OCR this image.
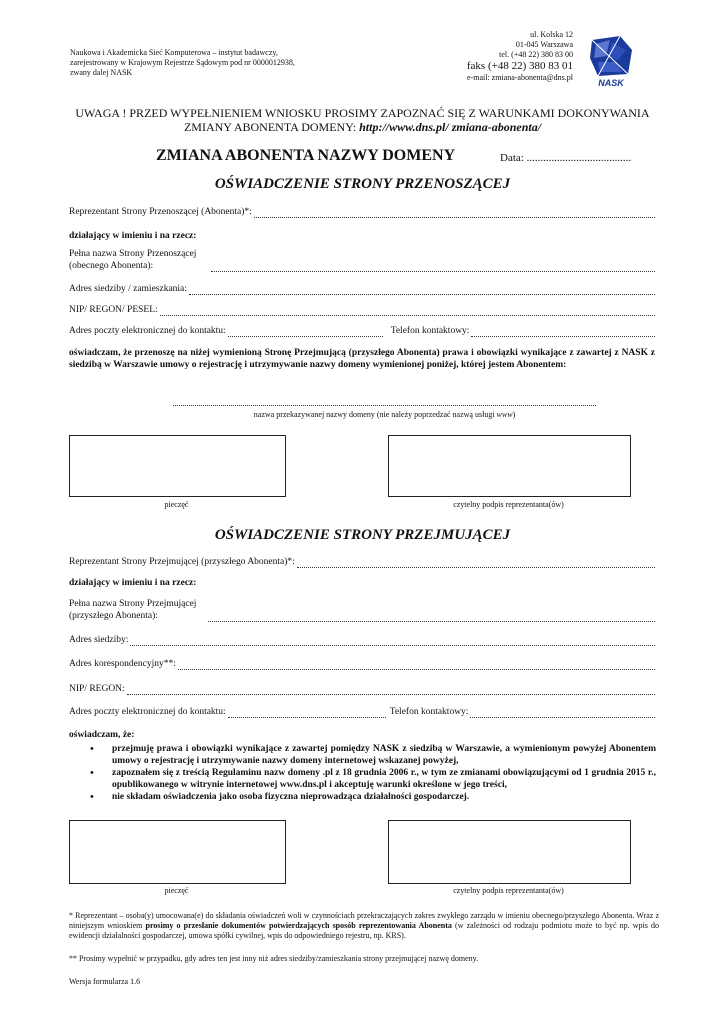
Naukowa i Akademicka Sieć Komputerowa – instytut badawczy,
zarejestrowany w Krajowym Rejestrze Sądowym pod nr 0000012938,
zwany dalej NASK
ul. Kolska 12
01-045 Warszawa
tel. (+48 22) 380 83 00
faks (+48 22) 380 83 01
e-mail: zmiana-abonenta@dns.pl
NASK
UWAGA ! PRZED WYPEŁNIENIEM WNIOSKU PROSIMY ZAPOZNAĆ SIĘ Z WARUNKAMI DOKONYWANIA
ZMIANY ABONENTA DOMENY: http://www.dns.pl/ zmiana-abonenta/
ZMIANA ABONENTA NAZWY DOMENY	Data: ......................................
OŚWIADCZENIE STRONY PRZENOSZĄCEJ
Reprezentant Strony Przenoszącej (Abonenta)*:
działający w imieniu i na rzecz:
Pełna nazwa Strony Przenoszącej
(obecnego Abonenta):
Adres siedziby / zamieszkania:
NIP/ REGON/ PESEL:
Adres poczty elektronicznej do kontaktu:	Telefon kontaktowy:
oświadczam, że przenoszę na niżej wymienioną Stronę Przejmującą (przyszłego Abonenta) prawa i obowiązki wynikające z zawartej z NASK z siedzibą w Warszawie umowy o rejestrację i utrzymywanie nazwy domeny wymienionej poniżej, której jestem Abonentem:
nazwa przekazywanej nazwy domeny (nie należy poprzedzać nazwą usługi www)
pieczęć	czytelny podpis reprezentanta(ów)
OŚWIADCZENIE STRONY PRZEJMUJĄCEJ
Reprezentant Strony Przejmującej (przyszłego Abonenta)*:
działający w imieniu i na rzecz:
Pełna nazwa Strony Przejmującej
(przyszłego Abonenta):
Adres siedziby:
Adres korespondencyjny**:
NIP/ REGON:
Adres poczty elektronicznej do kontaktu:	Telefon kontaktowy:
oświadczam, że:
• przejmuję prawa i obowiązki wynikające z zawartej pomiędzy NASK z siedzibą w Warszawie, a wymienionym powyżej Abonentem umowy o rejestrację i utrzymywanie nazwy domeny internetowej wskazanej powyżej,
• zapoznałem się z treścią Regulaminu nazw domeny .pl z 18 grudnia 2006 r., w tym ze zmianami obowiązującymi od 1 grudnia 2015 r., opublikowanego w witrynie internetowej www.dns.pl i akceptuję warunki określone w jego treści,
• nie składam oświadczenia jako osoba fizyczna nieprowadząca działalności gospodarczej.
pieczęć	czytelny podpis reprezentanta(ów)
* Reprezentant – osoba(y) umocowana(e) do składania oświadczeń woli w czynnościach przekraczających zakres zwykłego zarządu w imieniu obecnego/przyszłego Abonenta. Wraz z niniejszym wnioskiem prosimy o przesłanie dokumentów potwierdzających sposób reprezentowania Abonenta (w zależności od rodzaju podmiotu może to być np. wpis do ewidencji działalności gospodarczej, umowa spółki cywilnej, wpis do odpowiedniego rejestru, np. KRS).
** Prosimy wypełnić w przypadku, gdy adres ten jest inny niż adres siedziby/zamieszkania strony przejmującej nazwę domeny.
Wersja formularza 1.6
